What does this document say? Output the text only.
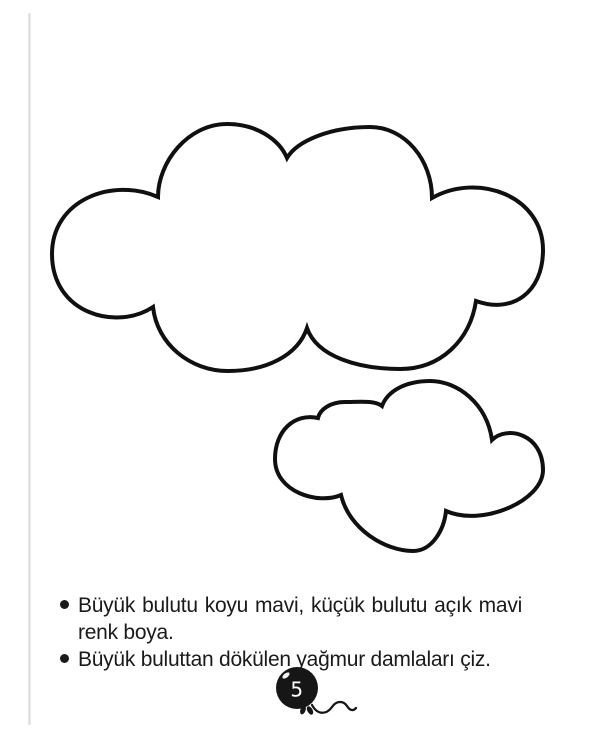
5
Büyük bulutu koyu mavi, küçük bulutu açık mavi
renk boya.
Büyük buluttan dökülen yağmur damlaları çiz.
